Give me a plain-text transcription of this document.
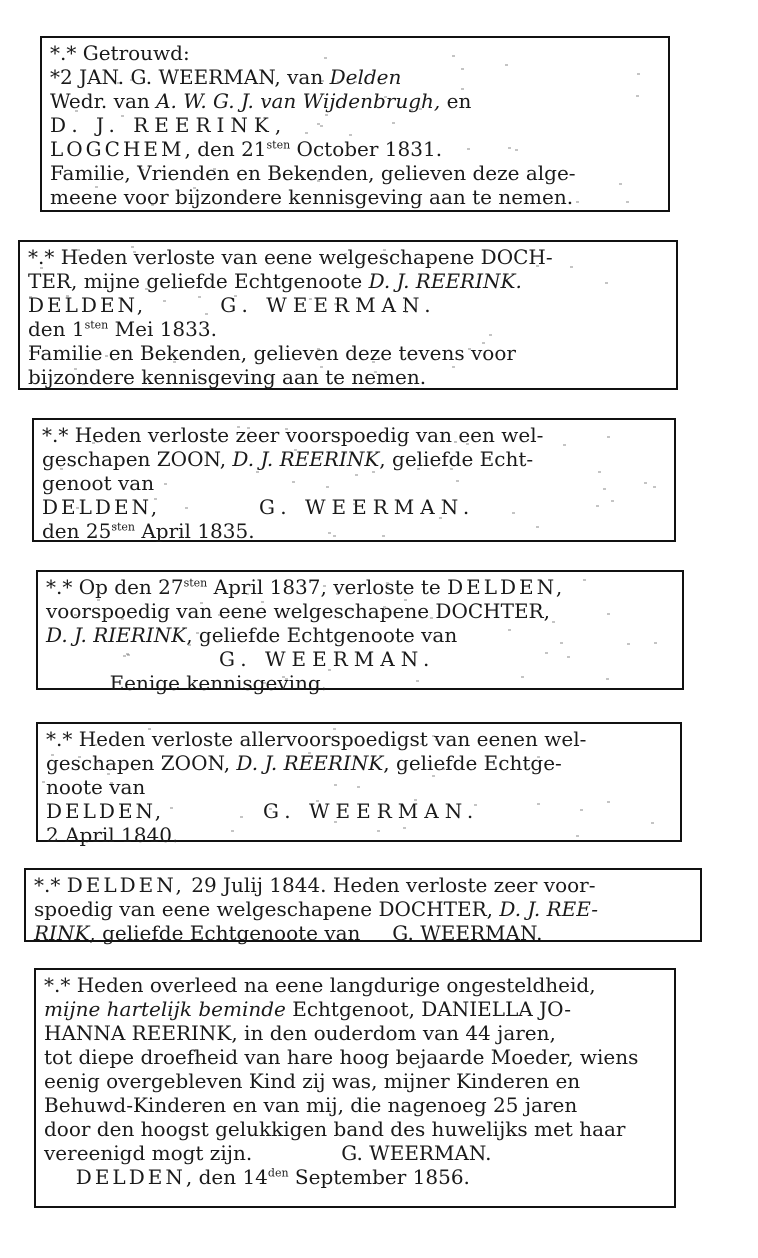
*.* Getrouwd:
*2 JAN. G. WEERMAN, van Delden
Wedr. van A. W. G. J. van Wijdenbrugh, en
D. J. REERINK,
LOGCHEM, den $21^{sten}$ October 1831.
Familie, Vrienden en Bekenden, gelieven deze alge-
meene voor bijzondere kennisgeving aan te nemen.
*.* Heden verloste van eene welgeschapene DOCH-
TER, mijne geliefde Echtgenoote D. J. REERINK.
DELDEN,      G. WEERMAN.
den $1^{sten}$ Mei 1833.
Familie en Bekenden, gelieven deze tevens voor
bijzondere kennisgeving aan te nemen.
*.* Heden verloste zeer voorspoedig van een wel-
geschapen ZOON, D. J. REERINK, geliefde Echt-
genoot van
DELDEN,        G. WEERMAN.
den $25^{sten}$ April 1835.
*.* Op den $27^{sten}$ April 1837, verloste te DELDEN,
voorspoedig van eene welgeschapene DOCHTER,
D. J. RIERINK, geliefde Echtgenoote van
G. WEERMAN.
Eenige kennisgeving.
*.* Heden verloste allervoorspoedigst van eenen wel-
geschapen ZOON, D. J. REERINK, geliefde Echtge-
noote van
DELDEN,        G. WEERMAN.
2 April 1840.
*.* DELDEN, 29 Julij 1844. Heden verloste zeer voor-
spoedig van eene welgeschapene DOCHTER, D. J. REE-
RINK, geliefde Echtgenoote van     G. WEERMAN.
*.* Heden overleed na eene langdurige ongesteldheid,
mijne hartelijk beminde Echtgenoot, DANIELLA JO-
HANNA REERINK, in den ouderdom van 44 jaren,
tot diepe droefheid van hare hoog bejaarde Moeder, wiens
eenig overgebleven Kind zij was, mijner Kinderen en
Behuwd-Kinderen en van mij, die nagenoeg 25 jaren
door den hoogst gelukkigen band des huwelijks met haar
vereenigd mogt zijn.              G. WEERMAN.
DELDEN, den $14^{den}$ September 1856.
